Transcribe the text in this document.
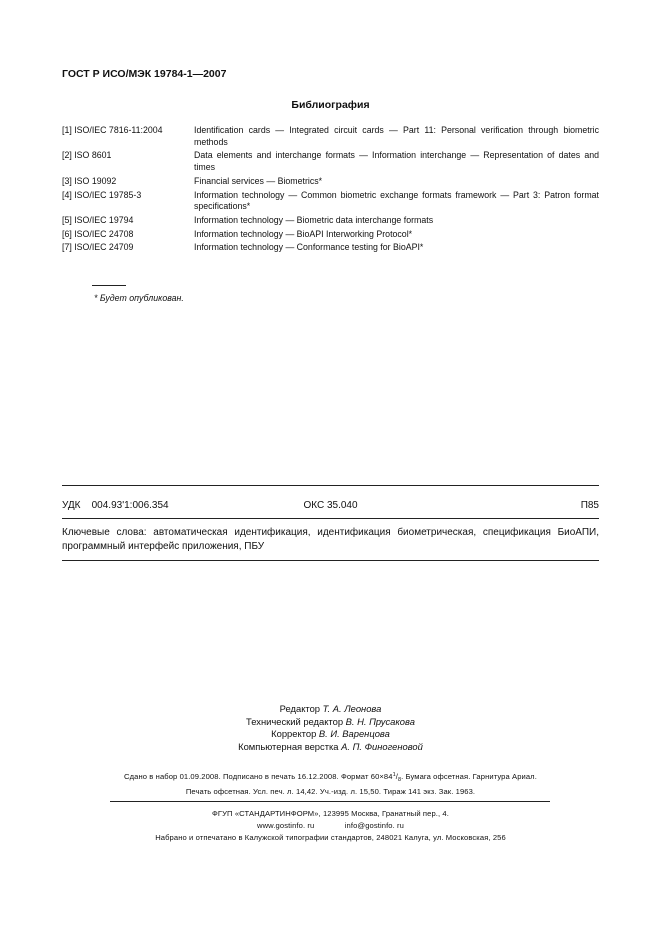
ГОСТ Р ИСО/МЭК 19784-1—2007
Библиография
[1] ISO/IEC 7816-11:2004	Identification cards — Integrated circuit cards — Part 11: Personal verification through biometric methods
[2] ISO 8601	Data elements and interchange formats — Information interchange — Representation of dates and times
[3] ISO 19092	Financial services — Biometrics*
[4] ISO/IEC 19785-3	Information technology — Common biometric exchange formats framework — Part 3: Patron format specifications*
[5] ISO/IEC 19794	Information technology — Biometric data interchange formats
[6] ISO/IEC 24708	Information technology — BioAPI Interworking Protocol*
[7] ISO/IEC 24709	Information technology — Conformance testing for BioAPI*
* Будет опубликован.
УДК    004.93'1:006.354	ОКС 35.040	П85
Ключевые слова: автоматическая идентификация, идентификация биометрическая, спецификация БиоАПИ, программный интерфейс приложения, ПБУ
Редактор Т. А. Леонова
Технический редактор В. Н. Прусакова
Корректор В. И. Варенцова
Компьютерная верстка А. П. Финогеновой
Сдано в набор 01.09.2008. Подписано в печать 16.12.2008. Формат $60\times 84^1/_8$. Бумага офсетная. Гарнитура Ариал.
Печать офсетная. Усл. печ. л. 14,42. Уч.-изд. л. 15,50. Тираж 141 экз. Зак. 1963.
ФГУП «СТАНДАРТИНФОРМ», 123995 Москва, Гранатный пер., 4.
www.gostinfo. ru	info@gostinfo. ru
Набрано и отпечатано в Калужской типографии стандартов, 248021 Калуга, ул. Московская, 256
